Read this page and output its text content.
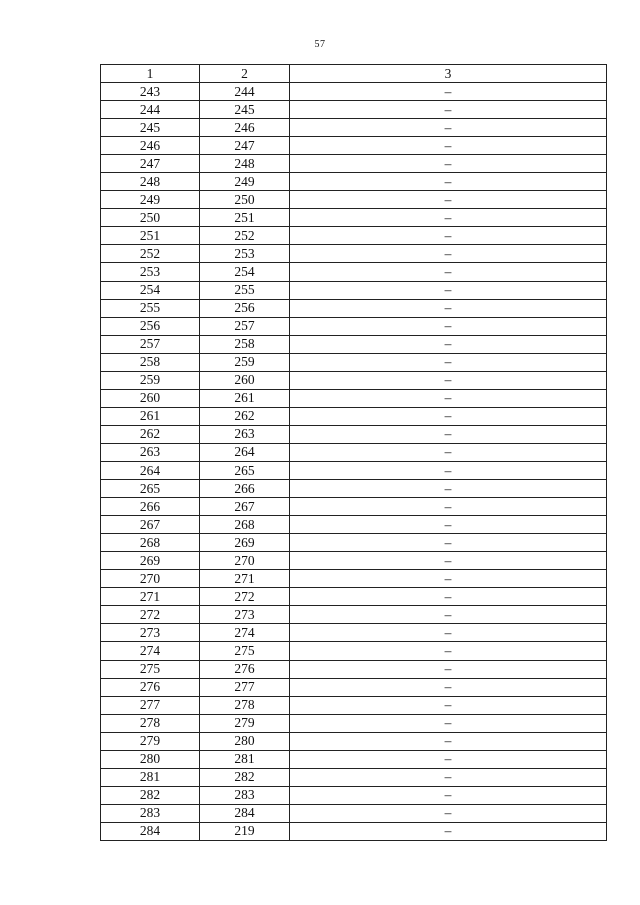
57
1	2	3
243	244	–
244	245	–
245	246	–
246	247	–
247	248	–
248	249	–
249	250	–
250	251	–
251	252	–
252	253	–
253	254	–
254	255	–
255	256	–
256	257	–
257	258	–
258	259	–
259	260	–
260	261	–
261	262	–
262	263	–
263	264	–
264	265	–
265	266	–
266	267	–
267	268	–
268	269	–
269	270	–
270	271	–
271	272	–
272	273	–
273	274	–
274	275	–
275	276	–
276	277	–
277	278	–
278	279	–
279	280	–
280	281	–
281	282	–
282	283	–
283	284	–
284	219	–
